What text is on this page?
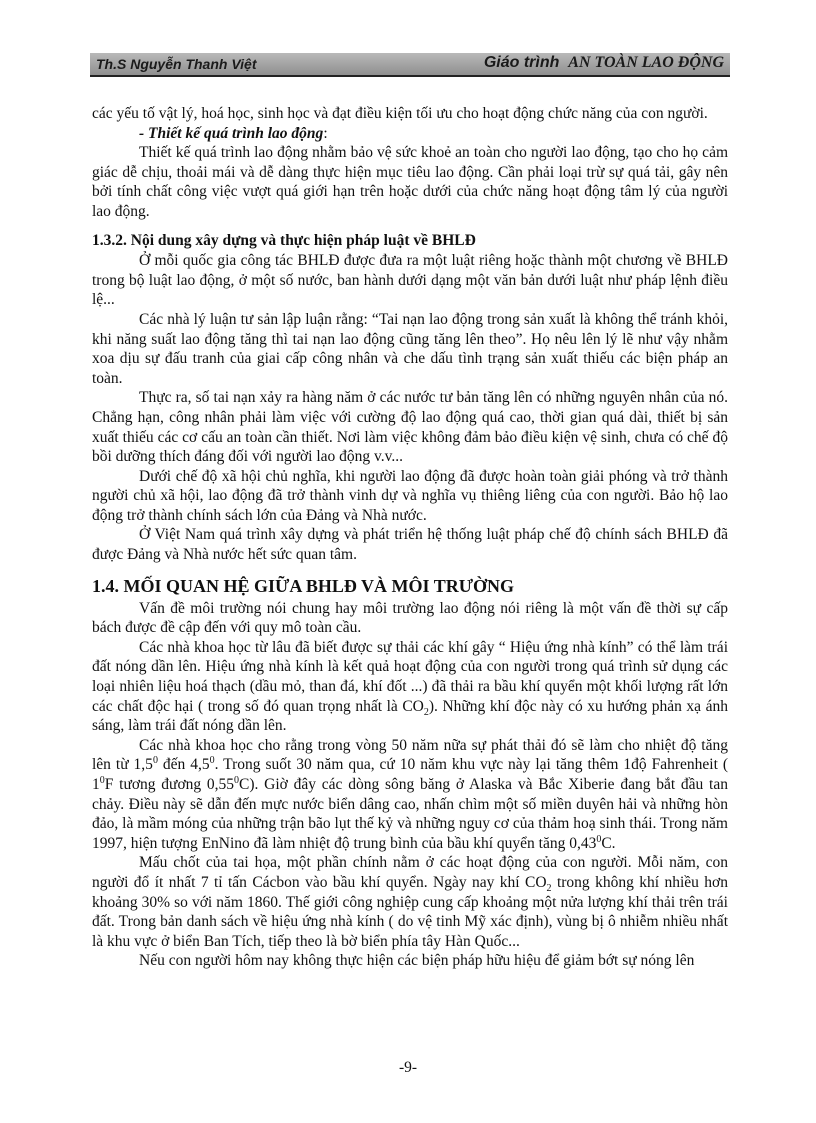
Th.S Nguyễn Thanh Việt	Giáo trình AN TOÀN LAO ĐỘNG

các yếu tố vật lý, hoá học, sinh học và đạt điều kiện tối ưu cho hoạt động chức năng của con người.

- Thiết kế quá trình lao động:

Thiết kế quá trình lao động nhằm bảo vệ sức khoẻ an toàn cho người lao động, tạo cho họ cảm giác dễ chịu, thoải mái và dễ dàng thực hiện mục tiêu lao động. Cần phải loại trừ sự quá tải, gây nên bởi tính chất công việc vượt quá giới hạn trên hoặc dưới của chức năng hoạt động tâm lý của người lao động.

1.3.2. Nội dung xây dựng và thực hiện pháp luật về BHLĐ

Ở mỗi quốc gia công tác BHLĐ được đưa ra một luật riêng hoặc thành một chương về BHLĐ trong bộ luật lao động, ở một số nước, ban hành dưới dạng một văn bản dưới luật như pháp lệnh điều lệ...

Các nhà lý luận tư sản lập luận rằng: “Tai nạn lao động trong sản xuất là không thể tránh khỏi, khi năng suất lao động tăng thì tai nạn lao động cũng tăng lên theo”. Họ nêu lên lý lẽ như vậy nhằm xoa dịu sự đấu tranh của giai cấp công nhân và che dấu tình trạng sản xuất thiếu các biện pháp an toàn.

Thực ra, số tai nạn xảy ra hàng năm ở các nước tư bản tăng lên có những nguyên nhân của nó. Chẳng hạn, công nhân phải làm việc với cường độ lao động quá cao, thời gian quá dài, thiết bị sản xuất thiếu các cơ cấu an toàn cần thiết. Nơi làm việc không đảm bảo điều kiện vệ sinh, chưa có chế độ bồi dưỡng thích đáng đối với người lao động v.v...

Dưới chế độ xã hội chủ nghĩa, khi người lao động đã được hoàn toàn giải phóng và trở thành người chủ xã hội, lao động đã trở thành vinh dự và nghĩa vụ thiêng liêng của con người. Bảo hộ lao động trở thành chính sách lớn của Đảng và Nhà nước.

Ở Việt Nam quá trình xây dựng và phát triển hệ thống luật pháp chế độ chính sách BHLĐ đã được Đảng và Nhà nước hết sức quan tâm.

1.4. MỐI QUAN HỆ GIỮA BHLĐ VÀ MÔI TRƯỜNG

Vấn đề môi trường nói chung hay môi trường lao động nói riêng là một vấn đề thời sự cấp bách được đề cập đến với quy mô toàn cầu.

Các nhà khoa học từ lâu đã biết được sự thải các khí gây “ Hiệu ứng nhà kính” có thể làm trái đất nóng dần lên. Hiệu ứng nhà kính là kết quả hoạt động của con người trong quá trình sử dụng các loại nhiên liệu hoá thạch (dầu mỏ, than đá, khí đốt ...) đã thải ra bầu khí quyển một khối lượng rất lớn các chất độc hại ( trong số đó quan trọng nhất là $CO_2$). Những khí độc này có xu hướng phản xạ ánh sáng, làm trái đất nóng dần lên.

Các nhà khoa học cho rằng trong vòng 50 năm nữa sự phát thải đó sẽ làm cho nhiệt độ tăng lên từ $1,5^0$ đến $4,5^0$. Trong suốt 30 năm qua, cứ 10 năm khu vực này lại tăng thêm 1độ Fahrenheit ( $1^0F$ tương đương 0,55$^0$C). Giờ đây các dòng sông băng ở Alaska và Bắc Xiberie đang bắt đầu tan chảy. Điều này sẽ dẫn đến mực nước biển dâng cao, nhấn chìm một số miền duyên hải và những hòn đảo, là mầm móng của những trận bão lụt thế kỷ và những nguy cơ của thảm hoạ sinh thái. Trong năm 1997, hiện tượng EnNino đã làm nhiệt độ trung bình của bầu khí quyển tăng 0,43$^0$C.

Mấu chốt của tai họa, một phần chính nằm ở các hoạt động của con người. Mỗi năm, con người đổ ít nhất 7 tỉ tấn Cácbon vào bầu khí quyển. Ngày nay khí $CO_2$ trong không khí nhiều hơn khoảng 30% so với năm 1860. Thế giới công nghiệp cung cấp khoảng một nửa lượng khí thải trên trái đất. Trong bản danh sách về hiệu ứng nhà kính ( do vệ tinh Mỹ xác định), vùng bị ô nhiễm nhiều nhất là khu vực ở biển Ban Tích, tiếp theo là bờ biển phía tây Hàn Quốc...

Nếu con người hôm nay không thực hiện các biện pháp hữu hiệu để giảm bớt sự nóng lên

-9-
